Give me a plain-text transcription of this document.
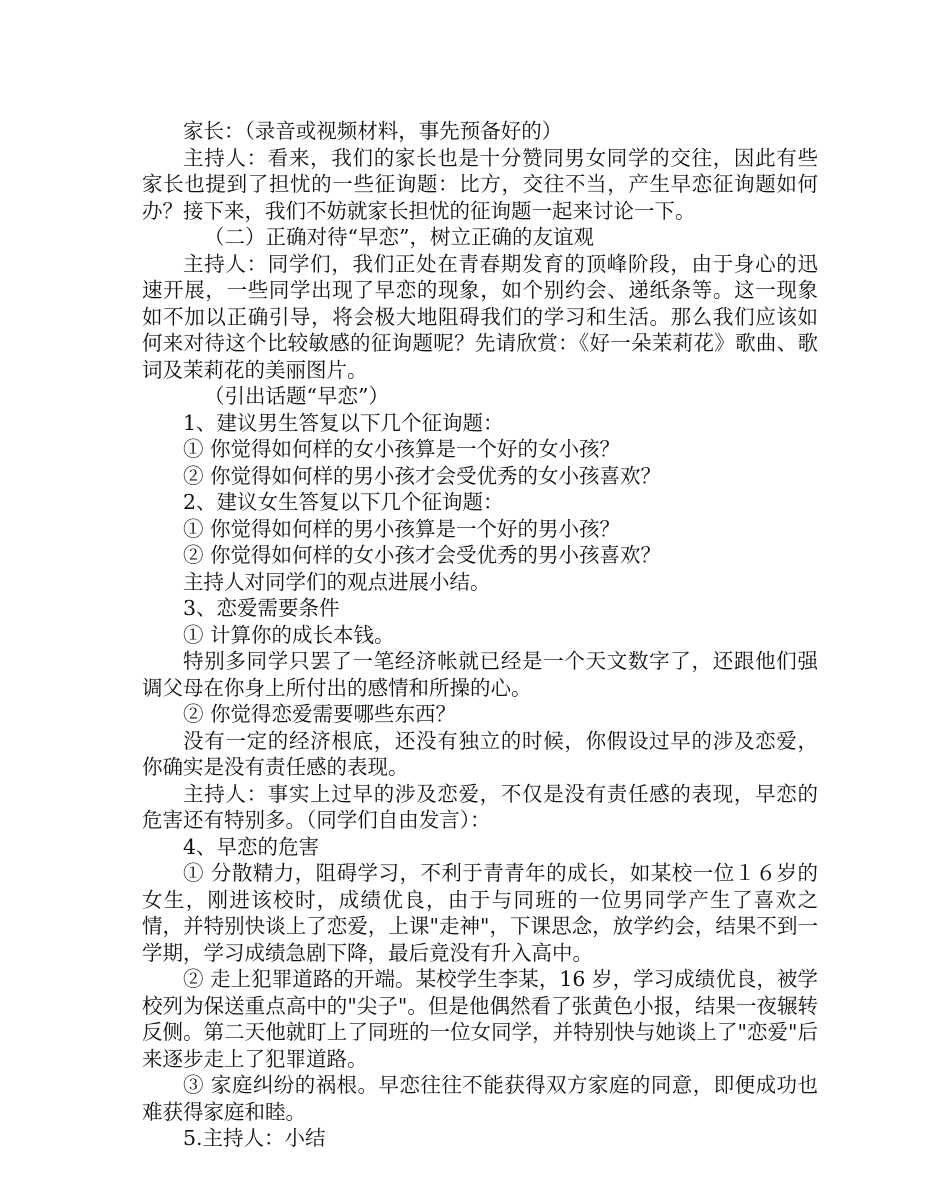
家长：（录音或视频材料，事先预备好的）

主持人：看来，我们的家长也是十分赞同男女同学的交往，因此有些家长也提到了担忧的一些征询题：比方，交往不当，产生早恋征询题如何办？接下来，我们不妨就家长担忧的征询题一起来讨论一下。

（二）正确对待“早恋”，树立正确的友谊观

主持人：同学们，我们正处在青春期发育的顶峰阶段，由于身心的迅速开展，一些同学出现了早恋的现象，如个别约会、递纸条等。这一现象如不加以正确引导，将会极大地阻碍我们的学习和生活。那么我们应该如何来对待这个比较敏感的征询题呢？先请欣赏：《好一朵茉莉花》歌曲、歌词及茉莉花的美丽图片。

（引出话题“早恋”）

1、建议男生答复以下几个征询题：

① 你觉得如何样的女小孩算是一个好的女小孩？

② 你觉得如何样的男小孩才会受优秀的女小孩喜欢？

2、建议女生答复以下几个征询题：

① 你觉得如何样的男小孩算是一个好的男小孩？

② 你觉得如何样的女小孩才会受优秀的男小孩喜欢？

主持人对同学们的观点进展小结。

3、恋爱需要条件

① 计算你的成长本钱。

特别多同学只罢了一笔经济帐就已经是一个天文数字了，还跟他们强调父母在你身上所付出的感情和所操的心。

② 你觉得恋爱需要哪些东西？

没有一定的经济根底，还没有独立的时候，你假设过早的涉及恋爱，你确实是没有责任感的表现。

主持人：事实上过早的涉及恋爱，不仅是没有责任感的表现，早恋的危害还有特别多。（同学们自由发言）：

4、早恋的危害

① 分散精力，阻碍学习，不利于青青年的成长，如某校一位１６岁的女生，刚进该校时，成绩优良，由于与同班的一位男同学产生了喜欢之情，并特别快谈上了恋爱，上课"走神"，下课思念，放学约会，结果不到一学期，学习成绩急剧下降，最后竟没有升入高中。

② 走上犯罪道路的开端。某校学生李某，16 岁，学习成绩优良，被学校列为保送重点高中的"尖子"。但是他偶然看了张黄色小报，结果一夜辗转反侧。第二天他就盯上了同班的一位女同学，并特别快与她谈上了"恋爱"后来逐步走上了犯罪道路。

③ 家庭纠纷的祸根。早恋往往不能获得双方家庭的同意，即便成功也难获得家庭和睦。

5.主持人：小结
